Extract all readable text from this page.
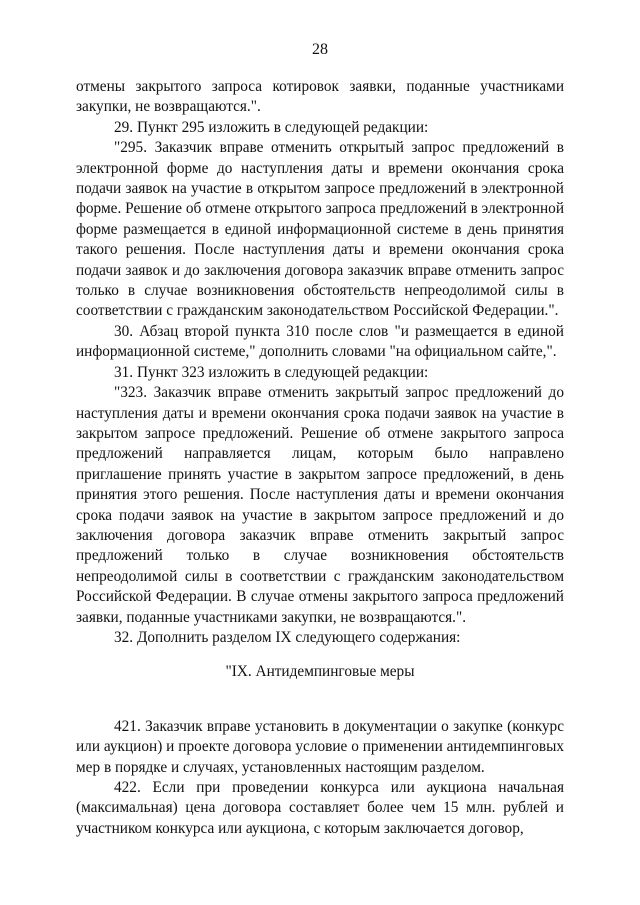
28

отмены закрытого запроса котировок заявки, поданные участниками закупки, не возвращаются.".

29. Пункт 295 изложить в следующей редакции:

"295. Заказчик вправе отменить открытый запрос предложений в электронной форме до наступления даты и времени окончания срока подачи заявок на участие в открытом запросе предложений в электронной форме. Решение об отмене открытого запроса предложений в электронной форме размещается в единой информационной системе в день принятия такого решения. После наступления даты и времени окончания срока подачи заявок и до заключения договора заказчик вправе отменить запрос только в случае возникновения обстоятельств непреодолимой силы в соответствии с гражданским законодательством Российской Федерации.".

30. Абзац второй пункта 310 после слов "и размещается в единой информационной системе," дополнить словами "на официальном сайте,".

31. Пункт 323 изложить в следующей редакции:

"323. Заказчик вправе отменить закрытый запрос предложений до наступления даты и времени окончания срока подачи заявок на участие в закрытом запросе предложений. Решение об отмене закрытого запроса предложений направляется лицам, которым было направлено приглашение принять участие в закрытом запросе предложений, в день принятия этого решения. После наступления даты и времени окончания срока подачи заявок на участие в закрытом запросе предложений и до заключения договора заказчик вправе отменить закрытый запрос предложений только в случае возникновения обстоятельств непреодолимой силы в соответствии с гражданским законодательством Российской Федерации. В случае отмены закрытого запроса предложений заявки, поданные участниками закупки, не возвращаются.".

32. Дополнить разделом IX следующего содержания:

"IX. Антидемпинговые меры

421. Заказчик вправе установить в документации о закупке (конкурс или аукцион) и проекте договора условие о применении антидемпинговых мер в порядке и случаях, установленных настоящим разделом.

422. Если при проведении конкурса или аукциона начальная (максимальная) цена договора составляет более чем 15 млн. рублей и участником конкурса или аукциона, с которым заключается договор,
